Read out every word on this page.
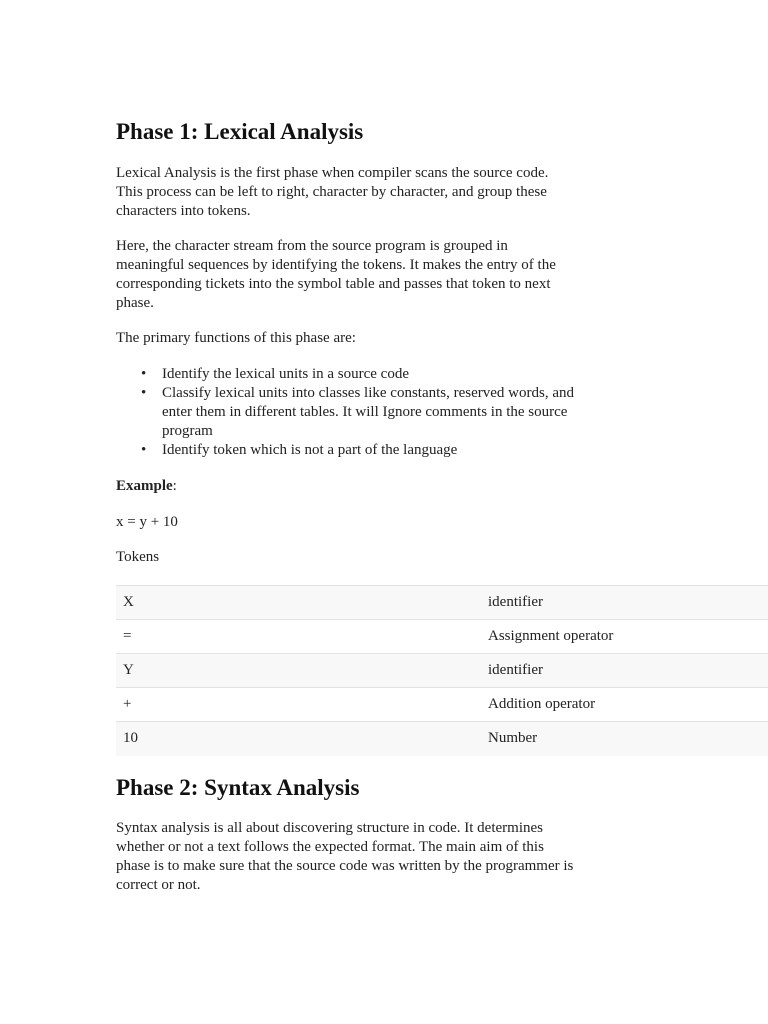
Phase 1: Lexical Analysis

Lexical Analysis is the first phase when compiler scans the source code.
This process can be left to right, character by character, and group these
characters into tokens.

Here, the character stream from the source program is grouped in
meaningful sequences by identifying the tokens. It makes the entry of the
corresponding tickets into the symbol table and passes that token to next
phase.

The primary functions of this phase are:

• Identify the lexical units in a source code
• Classify lexical units into classes like constants, reserved words, and
enter them in different tables. It will Ignore comments in the source
program
• Identify token which is not a part of the language

Example:

x = y + 10

Tokens

X	identifier
=	Assignment operator
Y	identifier
+	Addition operator
10	Number
Phase 2: Syntax Analysis

Syntax analysis is all about discovering structure in code. It determines
whether or not a text follows the expected format. The main aim of this
phase is to make sure that the source code was written by the programmer is
correct or not.
